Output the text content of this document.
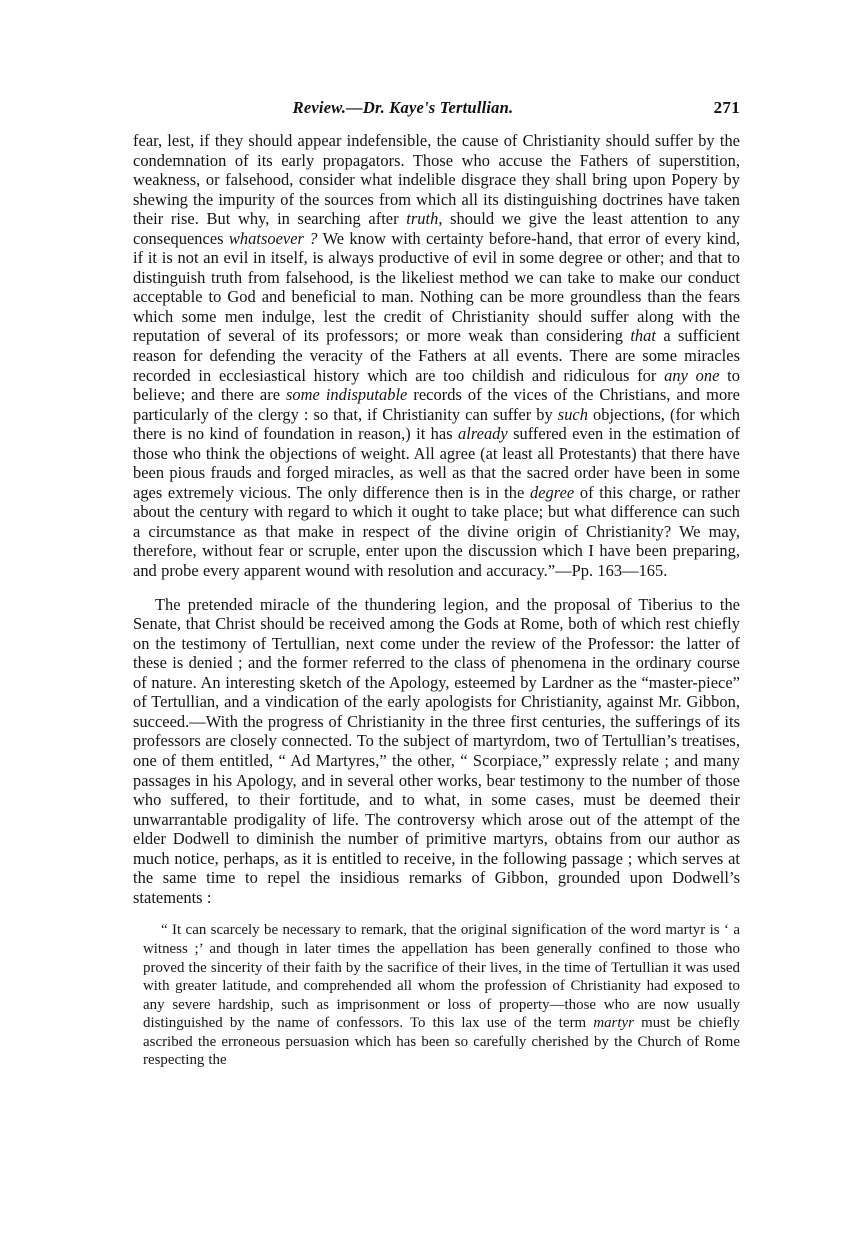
Review.—Dr. Kaye's Tertullian.	271

fear, lest, if they should appear indefensible, the cause of Christianity should suffer by the condemnation of its early propagators. Those who accuse the Fathers of superstition, weakness, or falsehood, consider what indelible disgrace they shall bring upon Popery by shewing the impurity of the sources from which all its distinguishing doctrines have taken their rise. But why, in searching after truth, should we give the least attention to any consequences whatsoever ? We know with certainty before-hand, that error of every kind, if it is not an evil in itself, is always productive of evil in some degree or other; and that to distinguish truth from falsehood, is the likeliest method we can take to make our conduct acceptable to God and beneficial to man. Nothing can be more groundless than the fears which some men indulge, lest the credit of Christianity should suffer along with the reputation of several of its professors; or more weak than considering that a sufficient reason for defending the veracity of the Fathers at all events. There are some miracles recorded in ecclesiastical history which are too childish and ridiculous for any one to believe; and there are some indisputable records of the vices of the Christians, and more particularly of the clergy : so that, if Christianity can suffer by such objections, (for which there is no kind of foundation in reason,) it has already suffered even in the estimation of those who think the objections of weight. All agree (at least all Protestants) that there have been pious frauds and forged miracles, as well as that the sacred order have been in some ages extremely vicious. The only difference then is in the degree of this charge, or rather about the century with regard to which it ought to take place; but what difference can such a circumstance as that make in respect of the divine origin of Christianity? We may, therefore, without fear or scruple, enter upon the discussion which I have been preparing, and probe every apparent wound with resolution and accuracy.”—Pp. 163—165.

The pretended miracle of the thundering legion, and the proposal of Tiberius to the Senate, that Christ should be received among the Gods at Rome, both of which rest chiefly on the testimony of Tertullian, next come under the review of the Professor: the latter of these is denied ; and the former referred to the class of phenomena in the ordinary course of nature. An interesting sketch of the Apology, esteemed by Lardner as the “master-piece” of Tertullian, and a vindication of the early apologists for Christianity, against Mr. Gibbon, succeed.—With the progress of Christianity in the three first centuries, the sufferings of its professors are closely connected. To the subject of martyrdom, two of Tertullian’s treatises, one of them entitled, “ Ad Martyres,” the other, “ Scorpiace,” expressly relate ; and many passages in his Apology, and in several other works, bear testimony to the number of those who suffered, to their fortitude, and to what, in some cases, must be deemed their unwarrantable prodigality of life. The controversy which arose out of the attempt of the elder Dodwell to diminish the number of primitive martyrs, obtains from our author as much notice, perhaps, as it is entitled to receive, in the following passage ; which serves at the same time to repel the insidious remarks of Gibbon, grounded upon Dodwell’s statements :

“ It can scarcely be necessary to remark, that the original signification of the word martyr is ‘ a witness ;’ and though in later times the appellation has been generally confined to those who proved the sincerity of their faith by the sacrifice of their lives, in the time of Tertullian it was used with greater latitude, and comprehended all whom the profession of Christianity had exposed to any severe hardship, such as imprisonment or loss of property—those who are now usually distinguished by the name of confessors. To this lax use of the term martyr must be chiefly ascribed the erroneous persuasion which has been so carefully cherished by the Church of Rome respecting the
